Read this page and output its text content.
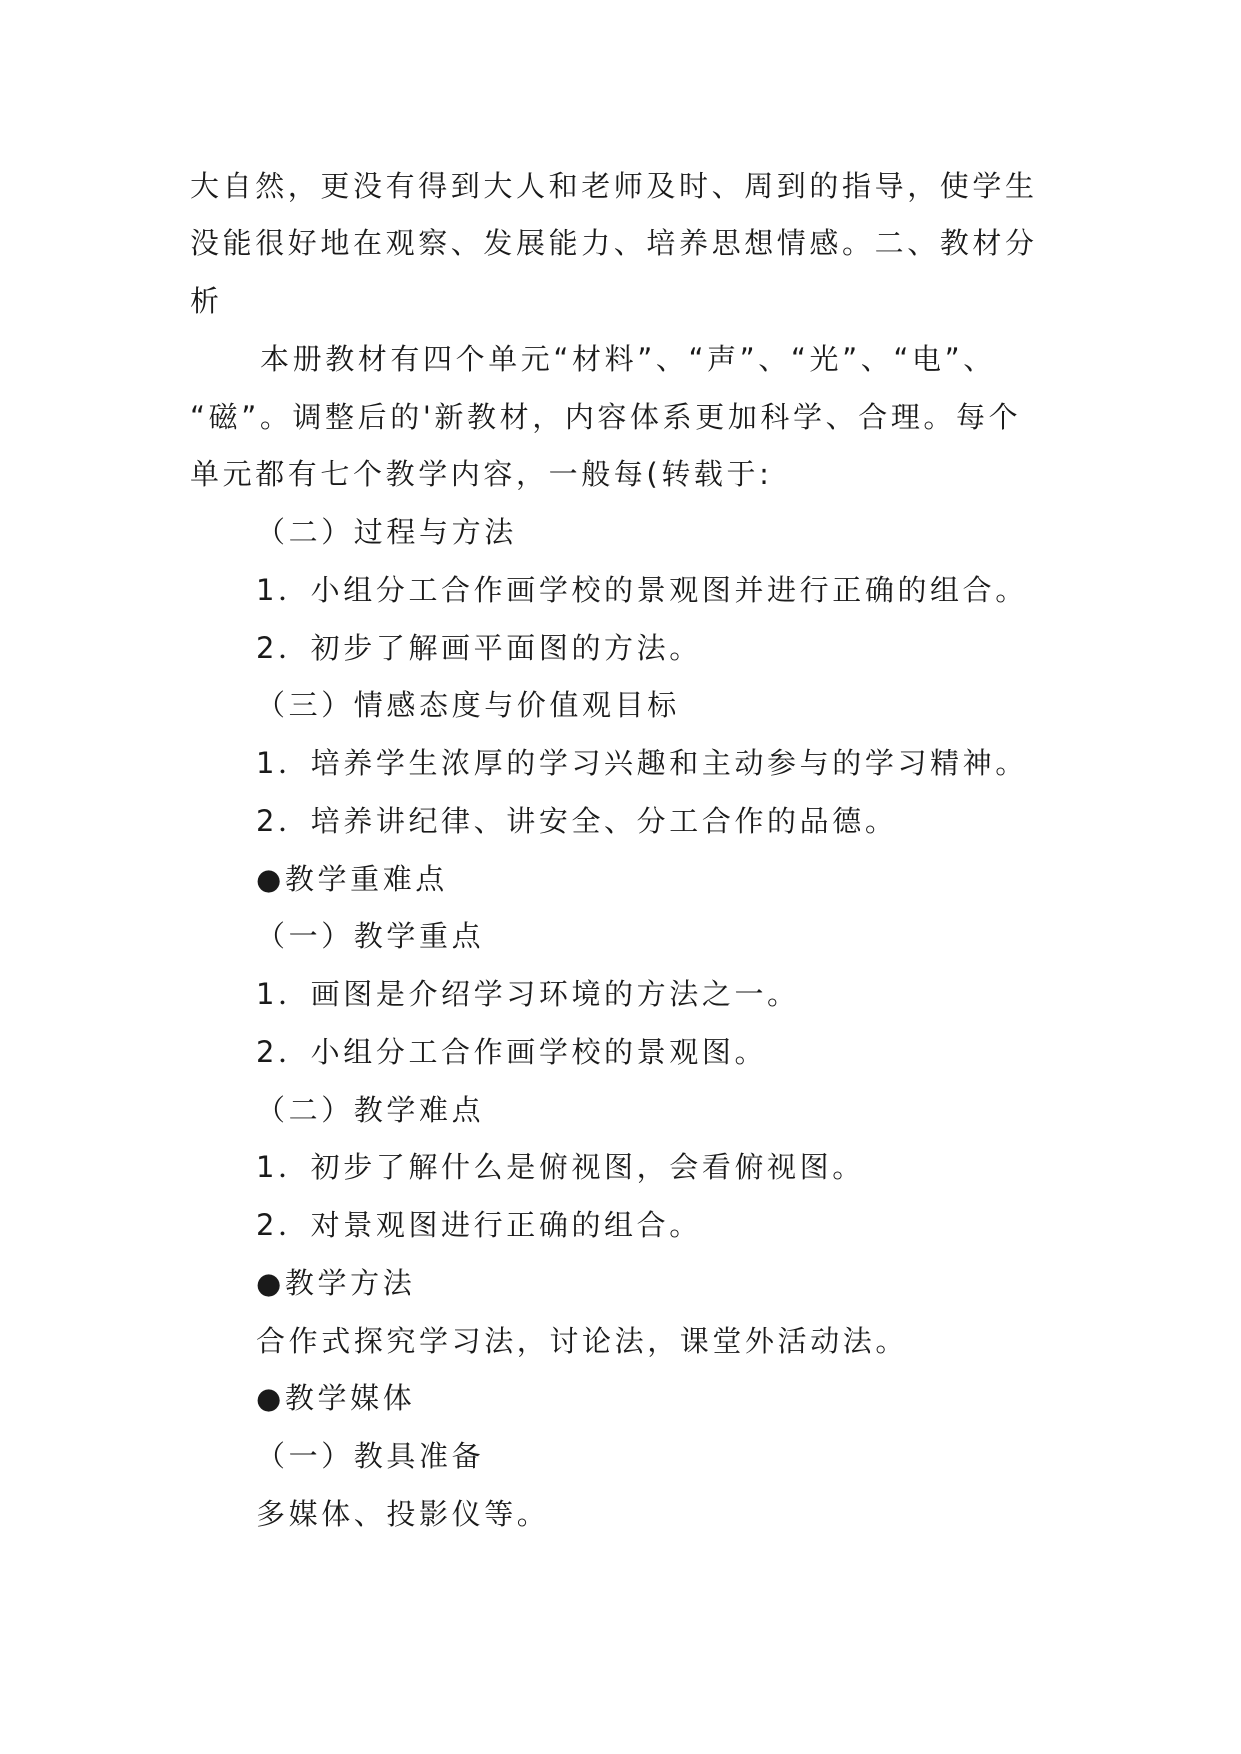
大自然，更没有得到大人和老师及时、周到的指导，使学生
没能很好地在观察、发展能力、培养思想情感。二、教材分
析
本册教材有四个单元“材料”、“声”、“光”、“电”、
“磁”。调整后的'新教材，内容体系更加科学、合理。每个
单元都有七个教学内容，一般每(转载于:
（二）过程与方法
1．小组分工合作画学校的景观图并进行正确的组合。
2．初步了解画平面图的方法。
（三）情感态度与价值观目标
1．培养学生浓厚的学习兴趣和主动参与的学习精神。
2．培养讲纪律、讲安全、分工合作的品德。
●教学重难点
（一）教学重点
1．画图是介绍学习环境的方法之一。
2．小组分工合作画学校的景观图。
（二）教学难点
1．初步了解什么是俯视图，会看俯视图。
2．对景观图进行正确的组合。
●教学方法
合作式探究学习法，讨论法，课堂外活动法。
●教学媒体
（一）教具准备
多媒体、投影仪等。
